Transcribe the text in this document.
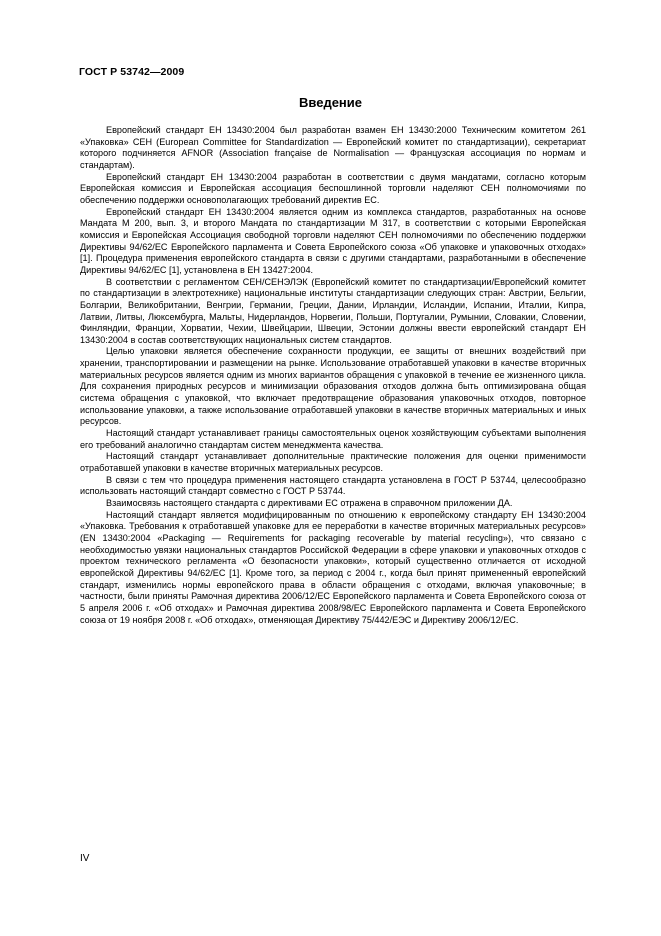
ГОСТ Р 53742—2009
Введение

Европейский стандарт ЕН 13430:2004 был разработан взамен ЕН 13430:2000 Техническим комитетом 261 «Упаковка» СЕН (European Committee for Standardization — Европейский комитет по стандартизации), секретариат которого подчиняется AFNOR (Association française de Normalisation — Французская ассоциация по нормам и стандартам).

Европейский стандарт ЕН 13430:2004 разработан в соответствии с двумя мандатами, согласно которым Европейская комиссия и Европейская ассоциация беспошлинной торговли наделяют СЕН полномочиями по обеспечению поддержки основополагающих требований директив ЕС.

Европейский стандарт ЕН 13430:2004 является одним из комплекса стандартов, разработанных на основе Мандата М 200, вып. 3, и второго Мандата по стандартизации М 317, в соответствии с которыми Европейская комиссия и Европейская Ассоциация свободной торговли наделяют СЕН полномочиями по обеспечению поддержки Директивы 94/62/ЕС Европейского парламента и Совета Европейского союза «Об упаковке и упаковочных отходах» [1]. Процедура применения европейского стандарта в связи с другими стандартами, разработанными в обеспечение Директивы 94/62/ЕС [1], установлена в ЕН 13427:2004.

В соответствии с регламентом СЕН/СЕНЭЛЭК (Европейский комитет по стандартизации/Европейский комитет по стандартизации в электротехнике) национальные институты стандартизации следующих стран: Австрии, Бельгии, Болгарии, Великобритании, Венгрии, Германии, Греции, Дании, Ирландии, Исландии, Испании, Италии, Кипра, Латвии, Литвы, Люксембурга, Мальты, Нидерландов, Норвегии, Польши, Португалии, Румынии, Словакии, Словении, Финляндии, Франции, Хорватии, Чехии, Швейцарии, Швеции, Эстонии должны ввести европейский стандарт ЕН 13430:2004 в состав соответствующих национальных систем стандартов.

Целью упаковки является обеспечение сохранности продукции, ее защиты от внешних воздействий при хранении, транспортировании и размещении на рынке. Использование отработавшей упаковки в качестве вторичных материальных ресурсов является одним из многих вариантов обращения с упаковкой в течение ее жизненного цикла. Для сохранения природных ресурсов и минимизации образования отходов должна быть оптимизирована общая система обращения с упаковкой, что включает предотвращение образования упаковочных отходов, повторное использование упаковки, а также использование отработавшей упаковки в качестве вторичных материальных и иных ресурсов.

Настоящий стандарт устанавливает границы самостоятельных оценок хозяйствующим субъектами выполнения его требований аналогично стандартам систем менеджмента качества.

Настоящий стандарт устанавливает дополнительные практические положения для оценки применимости отработавшей упаковки в качестве вторичных материальных ресурсов.

В связи с тем что процедура применения настоящего стандарта установлена в ГОСТ Р 53744, целесообразно использовать настоящий стандарт совместно с ГОСТ Р 53744.

Взаимосвязь настоящего стандарта с директивами ЕС отражена в справочном приложении ДА.

Настоящий стандарт является модифицированным по отношению к европейскому стандарту ЕН 13430:2004 «Упаковка. Требования к отработавшей упаковке для ее переработки в качестве вторичных материальных ресурсов» (EN 13430:2004 «Packaging — Requirements for packaging recoverable by material recycling»), что связано с необходимостью увязки национальных стандартов Российской Федерации в сфере упаковки и упаковочных отходов с проектом технического регламента «О безопасности упаковки», который существенно отличается от исходной европейской Директивы 94/62/ЕС [1]. Кроме того, за период с 2004 г., когда был принят примененный европейский стандарт, изменились нормы европейского права в области обращения с отходами, включая упаковочные; в частности, были приняты Рамочная директива 2006/12/ЕС Европейского парламента и Совета Европейского союза от 5 апреля 2006 г. «Об отходах» и Рамочная директива 2008/98/ЕС Европейского парламента и Совета Европейского союза от 19 ноября 2008 г. «Об отходах», отменяющая Директиву 75/442/ЕЭС и Директиву 2006/12/ЕС.

IV
